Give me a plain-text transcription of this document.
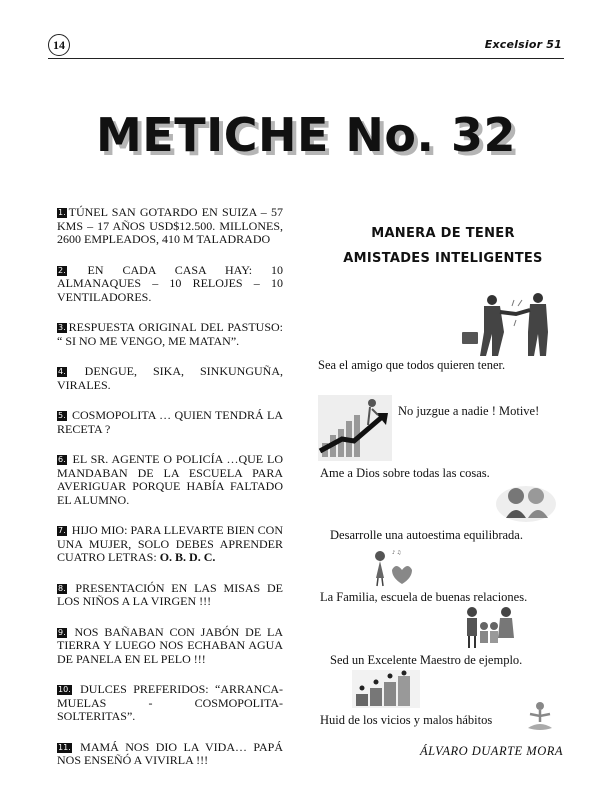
14	Excelsior 51
METICHE No. 32

1. TÚNEL SAN GOTARDO EN SUIZA – 57 KMS – 17 AÑOS USD$12.500. MILLONES, 2600 EMPLEADOS, 410 M TALADRADO

2. EN CADA CASA HAY: 10 ALMANAQUES – 10 RELOJES – 10 VENTILADORES.

3. RESPUESTA ORIGINAL DEL PASTUSO: “ SI NO ME VENGO, ME MATAN”.

4. DENGUE, SIKA, SINKUNGUÑA, VIRALES.

5. COSMOPOLITA … QUIEN TENDRÁ LA RECETA ?

6. EL SR. AGENTE O POLICÍA …QUE LO MANDABAN DE LA ESCUELA PARA AVERIGUAR PORQUE HABÍA FALTADO EL ALUMNO.

7. HIJO MIO: PARA LLEVARTE BIEN CON UNA MUJER, SOLO DEBES APRENDER CUATRO LETRAS: O. B. D. C.

8. PRESENTACIÓN EN LAS MISAS DE LOS NIÑOS A LA VIRGEN !!!

9. NOS BAÑABAN CON JABÓN DE LA TIERRA Y LUEGO NOS ECHABAN AGUA DE PANELA EN EL PELO !!!

10. DULCES PREFERIDOS: “ARRANCA-MUELAS - COSMOPOLITA- SOLTERITAS”.

11. MAMÁ NOS DIO LA VIDA… PAPÁ NOS ENSEÑÓ A VIVIRLA !!!

MANERA DE TENER
AMISTADES INTELIGENTES
Sea el amigo que todos quieren tener.
No juzgue a nadie ! Motive!
Ame a Dios sobre todas las cosas.
Desarrolle una autoestima equilibrada.
♪ ♫
La Familia, escuela de buenas relaciones.
Sed un Excelente Maestro de ejemplo.
Huid de los vicios y malos hábitos
ÁLVARO DUARTE MORA
